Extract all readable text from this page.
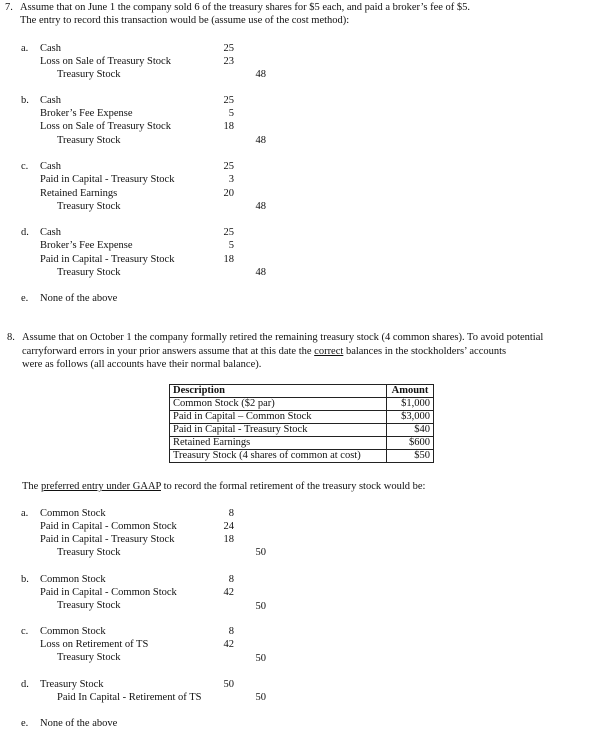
7. Assume that on June 1 the company sold 6 of the treasury shares for $5 each, and paid a broker’s fee of $5.
The entry to record this transaction would be (assume use of the cost method):
a. Cash	25
Loss on Sale of Treasury Stock	23
Treasury Stock	48
b. Cash	25
Broker’s Fee Expense	5
Loss on Sale of Treasury Stock	18
Treasury Stock	48
c. Cash	25
Paid in Capital - Treasury Stock	3
Retained Earnings	20
Treasury Stock	48
d. Cash	25
Broker’s Fee Expense	5
Paid in Capital - Treasury Stock	18
Treasury Stock	48
e. None of the above
8. Assume that on October 1 the company formally retired the remaining treasury stock (4 common shares). To avoid potential
carryforward errors in your prior answers assume that at this date the correct balances in the stockholders’ accounts
were as follows (all accounts have their normal balance).
Description	Amount
Common Stock ($2 par)	$1,000
Paid in Capital – Common Stock	$3,000
Paid in Capital - Treasury Stock	$40
Retained Earnings	$600
Treasury Stock (4 shares of common at cost)	$50
The preferred entry under GAAP to record the formal retirement of the treasury stock would be:
a. Common Stock	8
Paid in Capital - Common Stock	24
Paid in Capital - Treasury Stock	18
Treasury Stock	50
b. Common Stock	8
Paid in Capital - Common Stock	42
Treasury Stock	50
c. Common Stock	8
Loss on Retirement of TS	42
Treasury Stock	50
d. Treasury Stock	50
Paid In Capital - Retirement of TS	50
e. None of the above
